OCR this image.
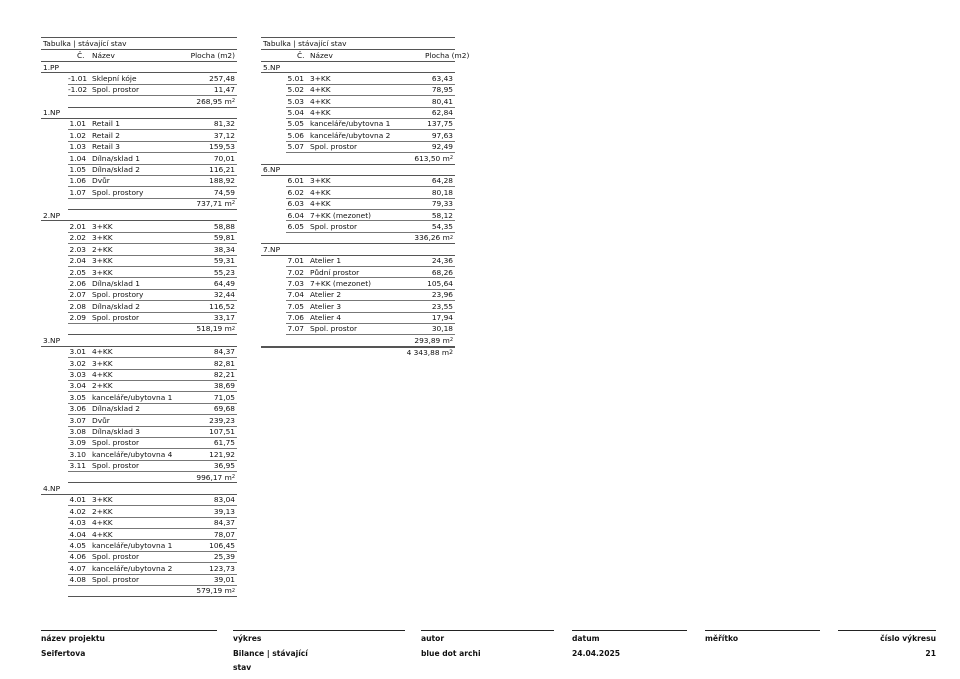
Tabulka | stávající stav
Č.	Název	Plocha (m2)
1.PP
-1.01 Sklepní kóje	257,48
-1.02 Spol. prostor	11,47
268,95 m 2
1.NP
1.01 Retail 1	81,32
1.02 Retail 2	37,12
1.03 Retail 3	159,53
1.04 Dílna/sklad 1	70,01
1.05 Dílna/sklad 2	116,21
1.06 Dvůr	188,92
1.07 Spol. prostory	74,59
737,71 m 2
2.NP
2.01 3+KK	58,88
2.02 3+KK	59,81
2.03 2+KK	38,34
2.04 3+KK	59,31
2.05 3+KK	55,23
2.06 Dílna/sklad 1	64,49
2.07 Spol. prostory	32,44
2.08 Dílna/sklad 2	116,52
2.09 Spol. prostor	33,17
518,19 m 2
3.NP
3.01 4+KK	84,37
3.02 3+KK	82,81
3.03 4+KK	82,21
3.04 2+KK	38,69
3.05 kanceláře/ubytovna 1	71,05
3.06 Dílna/sklad 2	69,68
3.07 Dvůr	239,23
3.08 Dílna/sklad 3	107,51
3.09 Spol. prostor	61,75
3.10 kanceláře/ubytovna 4	121,92
3.11 Spol. prostor	36,95
996,17 m 2
4.NP
4.01 3+KK	83,04
4.02 2+KK	39,13
4.03 4+KK	84,37
4.04 4+KK	78,07
4.05 kanceláře/ubytovna 1	106,45
4.06 Spol. prostor	25,39
4.07 kanceláře/ubytovna 2	123,73
4.08 Spol. prostor	39,01
579,19 m 2
Tabulka | stávající stav
Č. Název	Plocha (m2)
5.NP
5.01 3+KK	63,43
5.02 4+KK	78,95
5.03 4+KK	80,41
5.04 4+KK	62,84
5.05 kanceláře/ubytovna 1	137,75
5.06 kanceláře/ubytovna 2	97,63
5.07 Spol. prostor	92,49
613,50 m 2
6.NP
6.01 3+KK	64,28
6.02 4+KK	80,18
6.03 4+KK	79,33
6.04 7+KK (mezonet)	58,12
6.05 Spol. prostor	54,35
336,26 m 2
7.NP
7.01 Atelier 1	24,36
7.02 Půdní prostor	68,26
7.03 7+KK (mezonet)	105,64
7.04 Atelier 2	23,96
7.05 Atelier 3	23,55
7.06 Atelier 4	17,94
7.07 Spol. prostor	30,18
293,89 m 2
4 343,88 m 2
název projektu
Seifertova
výkres
Bilance | stávající
stav
autor
blue dot archi
datum
24.04.2025
měřítko	číslo výkresu
21
